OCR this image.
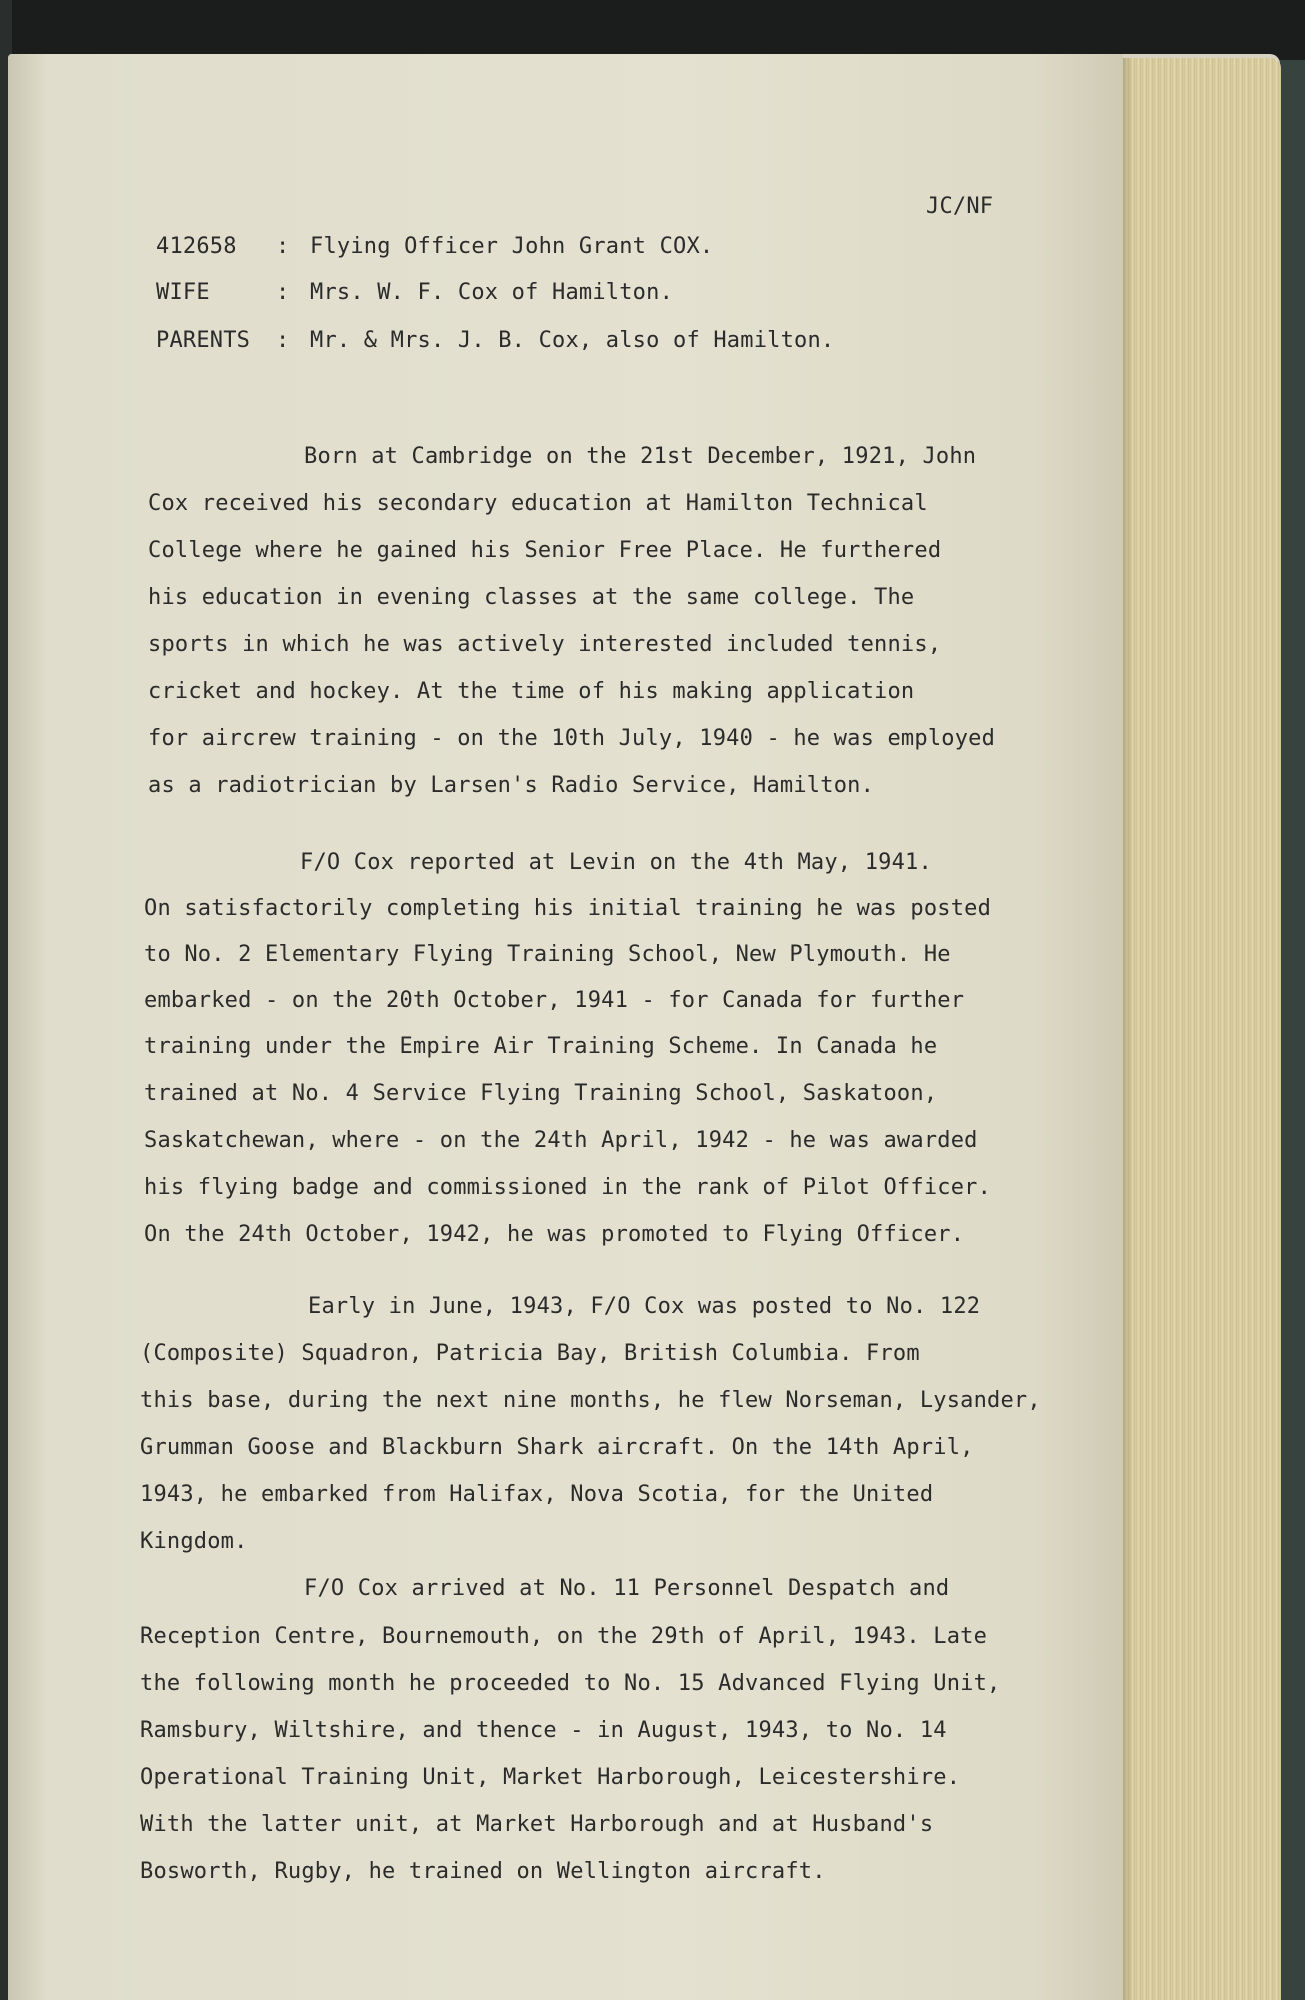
JC/NF
412658 : Flying Officer John Grant COX.
WIFE	: Mrs. W. F. Cox of Hamilton.
PARENTS : Mr. & Mrs. J. B. Cox, also of Hamilton.
Born at Cambridge on the 21st December, 1921, John
Cox received his secondary education at Hamilton Technical
College where he gained his Senior Free Place. He furthered
his education in evening classes at the same college. The
sports in which he was actively interested included tennis,
cricket and hockey. At the time of his making application
for aircrew training - on the 10th July, 1940 - he was employed
as a radiotrician by Larsen's Radio Service, Hamilton.
F/O Cox reported at Levin on the 4th May, 1941.
On satisfactorily completing his initial training he was posted
to No. 2 Elementary Flying Training School, New Plymouth. He
embarked - on the 20th October, 1941 - for Canada for further
training under the Empire Air Training Scheme. In Canada he
trained at No. 4 Service Flying Training School, Saskatoon,
Saskatchewan, where - on the 24th April, 1942 - he was awarded
his flying badge and commissioned in the rank of Pilot Officer.
On the 24th October, 1942, he was promoted to Flying Officer.
Early in June, 1943, F/O Cox was posted to No. 122
(Composite) Squadron, Patricia Bay, British Columbia. From
this base, during the next nine months, he flew Norseman, Lysander,
Grumman Goose and Blackburn Shark aircraft. On the 14th April,
1943, he embarked from Halifax, Nova Scotia, for the United
Kingdom.
F/O Cox arrived at No. 11 Personnel Despatch and
Reception Centre, Bournemouth, on the 29th of April, 1943. Late
the following month he proceeded to No. 15 Advanced Flying Unit,
Ramsbury, Wiltshire, and thence - in August, 1943, to No. 14
Operational Training Unit, Market Harborough, Leicestershire.
With the latter unit, at Market Harborough and at Husband's
Bosworth, Rugby, he trained on Wellington aircraft.
